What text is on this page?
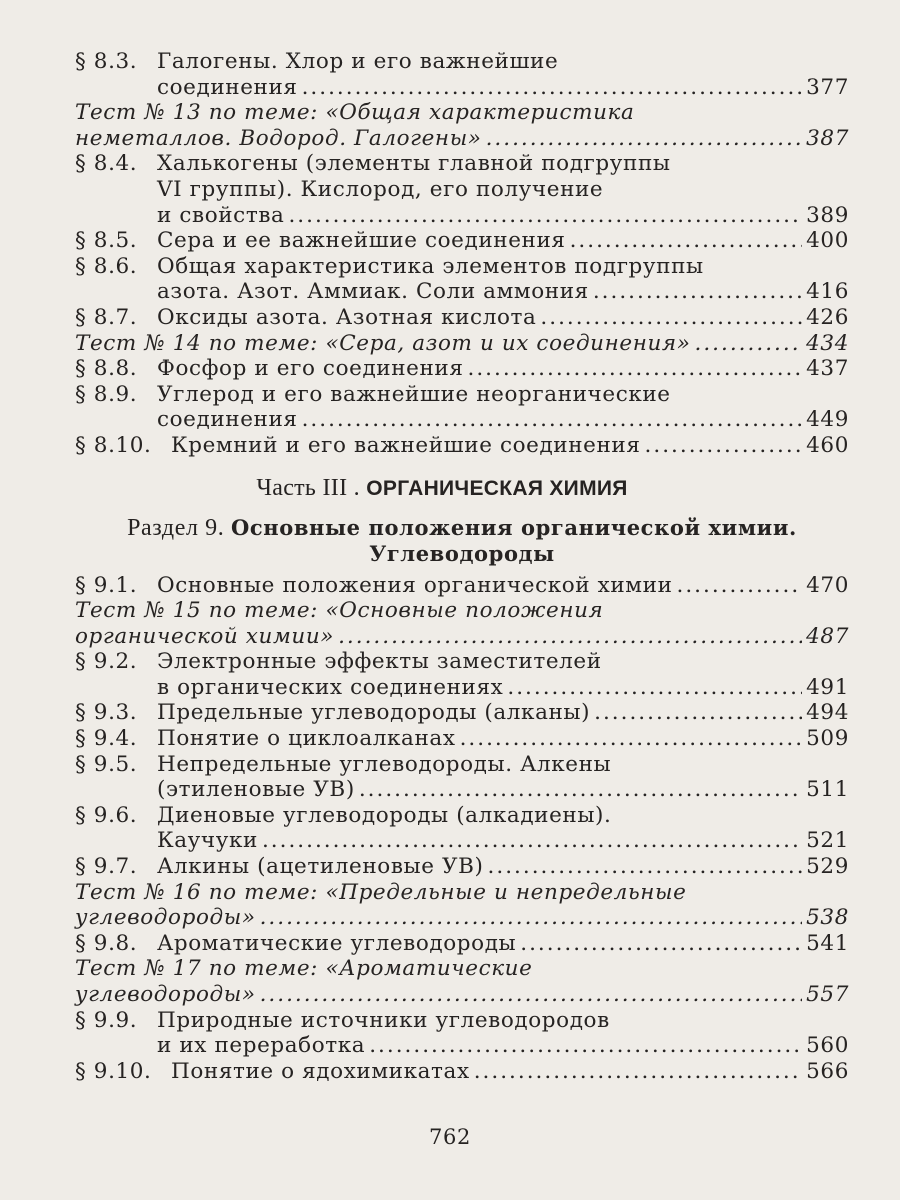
§ 8.3. Галогены. Хлор и его важнейшие
соединения .....	377
Тест № 13 по теме: «Общая характеристика
неметаллов. Водород. Галогены» .....	387
§ 8.4. Халькогены (элементы главной подгруппы
VI группы). Кислород, его получение
и свойства .....	389
§ 8.5. Сера и ее важнейшие соединения .....	400
§ 8.6. Общая характеристика элементов подгруппы
азота. Азот. Аммиак. Соли аммония .....	416
§ 8.7. Оксиды азота. Азотная кислота .....	426
Тест № 14 по теме: «Сера, азот и их соединения» .....	434
§ 8.8. Фосфор и его соединения .....	437
§ 8.9. Углерод и его важнейшие неорганические
соединения .....	449
§ 8.10. Кремний и его важнейшие соединения .....	460
Часть III . ОРГАНИЧЕСКАЯ ХИМИЯ
Раздел 9. Основные положения органической химии.
Углеводороды
§ 9.1. Основные положения органической химии .....	470
Тест № 15 по теме: «Основные положения
органической химии» .....	487
§ 9.2. Электронные эффекты заместителей
в органических соединениях .....	491
§ 9.3. Предельные углеводороды (алканы) .....	494
§ 9.4. Понятие о циклоалканах .....	509
§ 9.5. Непредельные углеводороды. Алкены
(этиленовые УВ) .....	511
§ 9.6. Диеновые углеводороды (алкадиены).
Каучуки .....	521
§ 9.7. Алкины (ацетиленовые УВ) .....	529
Тест № 16 по теме: «Предельные и непредельные
углеводороды» .....	538
§ 9.8. Ароматические углеводороды .....	541
Тест № 17 по теме: «Ароматические
углеводороды» .....	557
§ 9.9. Природные источники углеводородов
и их переработка .....	560
§ 9.10. Понятие о ядохимикатах .....	566
762
